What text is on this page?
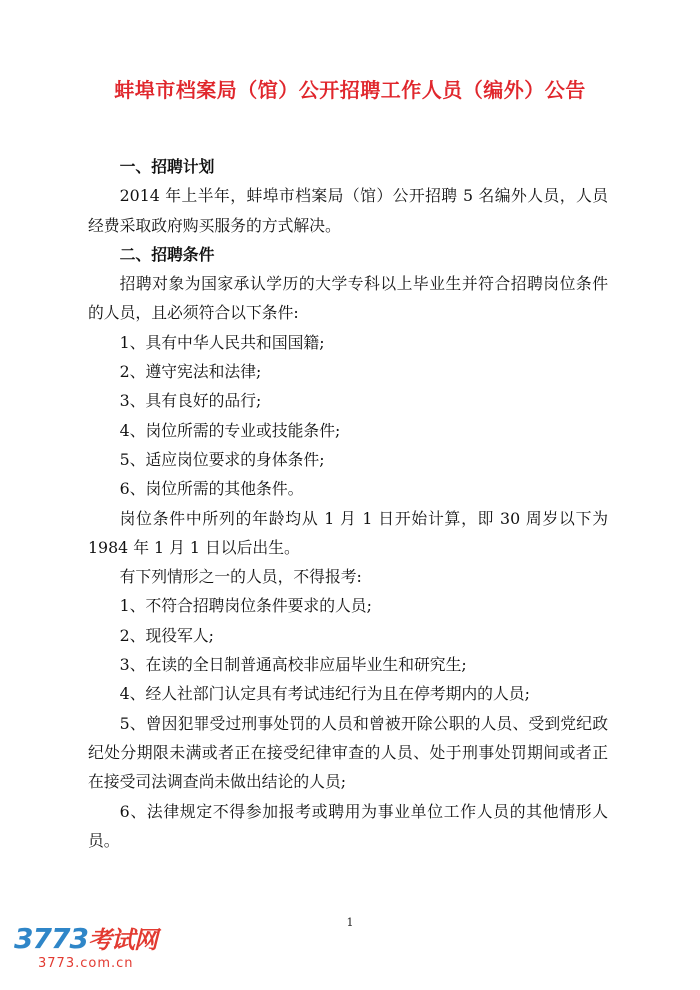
蚌埠市档案局（馆）公开招聘工作人员（编外）公告

一、招聘计划

2014 年上半年，蚌埠市档案局（馆）公开招聘 5 名编外人员，人员经费采取政府购买服务的方式解决。

二、招聘条件

招聘对象为国家承认学历的大学专科以上毕业生并符合招聘岗位条件的人员，且必须符合以下条件:

1、具有中华人民共和国国籍;

2、遵守宪法和法律;

3、具有良好的品行;

4、岗位所需的专业或技能条件;

5、适应岗位要求的身体条件;

6、岗位所需的其他条件。

岗位条件中所列的年龄均从 1 月 1 日开始计算，即 30 周岁以下为 1984 年 1 月 1 日以后出生。

有下列情形之一的人员，不得报考:

1、不符合招聘岗位条件要求的人员;

2、现役军人;

3、在读的全日制普通高校非应届毕业生和研究生;

4、经人社部门认定具有考试违纪行为且在停考期内的人员;

5、曾因犯罪受过刑事处罚的人员和曾被开除公职的人员、受到党纪政纪处分期限未满或者正在接受纪律审查的人员、处于刑事处罚期间或者正在接受司法调查尚未做出结论的人员;

6、法律规定不得参加报考或聘用为事业单位工作人员的其他情形人员。

1
3773考试网
3773.com.cn
